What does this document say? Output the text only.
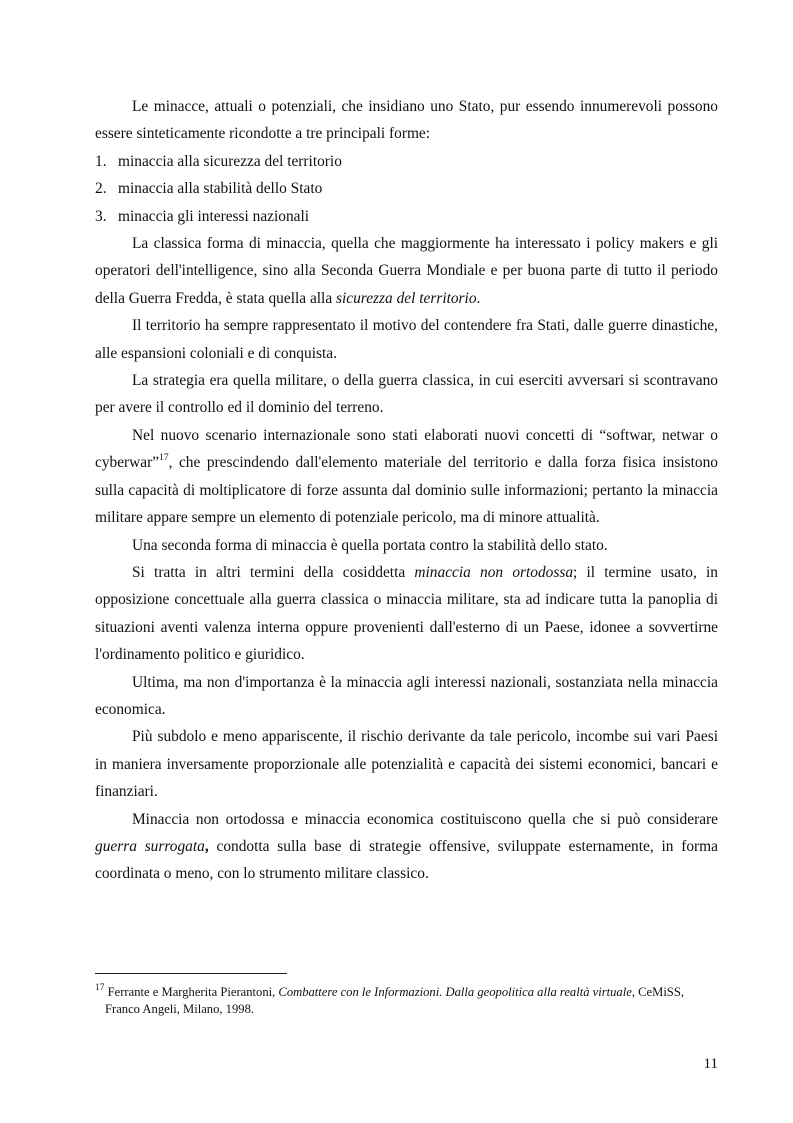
Le minacce, attuali o potenziali, che insidiano uno Stato, pur essendo innumerevoli possono essere sinteticamente ricondotte a tre principali forme:

1. minaccia alla sicurezza del territorio
2. minaccia alla stabilità dello Stato
3. minaccia gli interessi nazionali

La classica forma di minaccia, quella che maggiormente ha interessato i policy makers e gli operatori dell'intelligence, sino alla Seconda Guerra Mondiale e per buona parte di tutto il periodo della Guerra Fredda, è stata quella alla sicurezza del territorio.

Il territorio ha sempre rappresentato il motivo del contendere fra Stati, dalle guerre dinastiche, alle espansioni coloniali e di conquista.

La strategia era quella militare, o della guerra classica, in cui eserciti avversari si scontravano per avere il controllo ed il dominio del terreno.

Nel nuovo scenario internazionale sono stati elaborati nuovi concetti di “softwar, netwar o cyberwar”$^{17}$, che prescindendo dall'elemento materiale del territorio e dalla forza fisica insistono sulla capacità di moltiplicatore di forze assunta dal dominio sulle informazioni; pertanto la minaccia militare appare sempre un elemento di potenziale pericolo, ma di minore attualità.

Una seconda forma di minaccia è quella portata contro la stabilità dello stato.

Si tratta in altri termini della cosiddetta minaccia non ortodossa; il termine usato, in opposizione concettuale alla guerra classica o minaccia militare, sta ad indicare tutta la panoplia di situazioni aventi valenza interna oppure provenienti dall'esterno di un Paese, idonee a sovvertirne l'ordinamento politico e giuridico.

Ultima, ma non d'importanza è la minaccia agli interessi nazionali, sostanziata nella minaccia economica.

Più subdolo e meno appariscente, il rischio derivante da tale pericolo, incombe sui vari Paesi in maniera inversamente proporzionale alle potenzialità e capacità dei sistemi economici, bancari e finanziari.

Minaccia non ortodossa e minaccia economica costituiscono quella che si può considerare guerra surrogata, condotta sulla base di strategie offensive, sviluppate esternamente, in forma coordinata o meno, con lo strumento militare classico.

$^{17}$ Ferrante e Margherita Pierantoni, Combattere con le Informazioni. Dalla geopolitica alla realtà virtuale, CeMiSS,
Franco Angeli, Milano, 1998.
11
